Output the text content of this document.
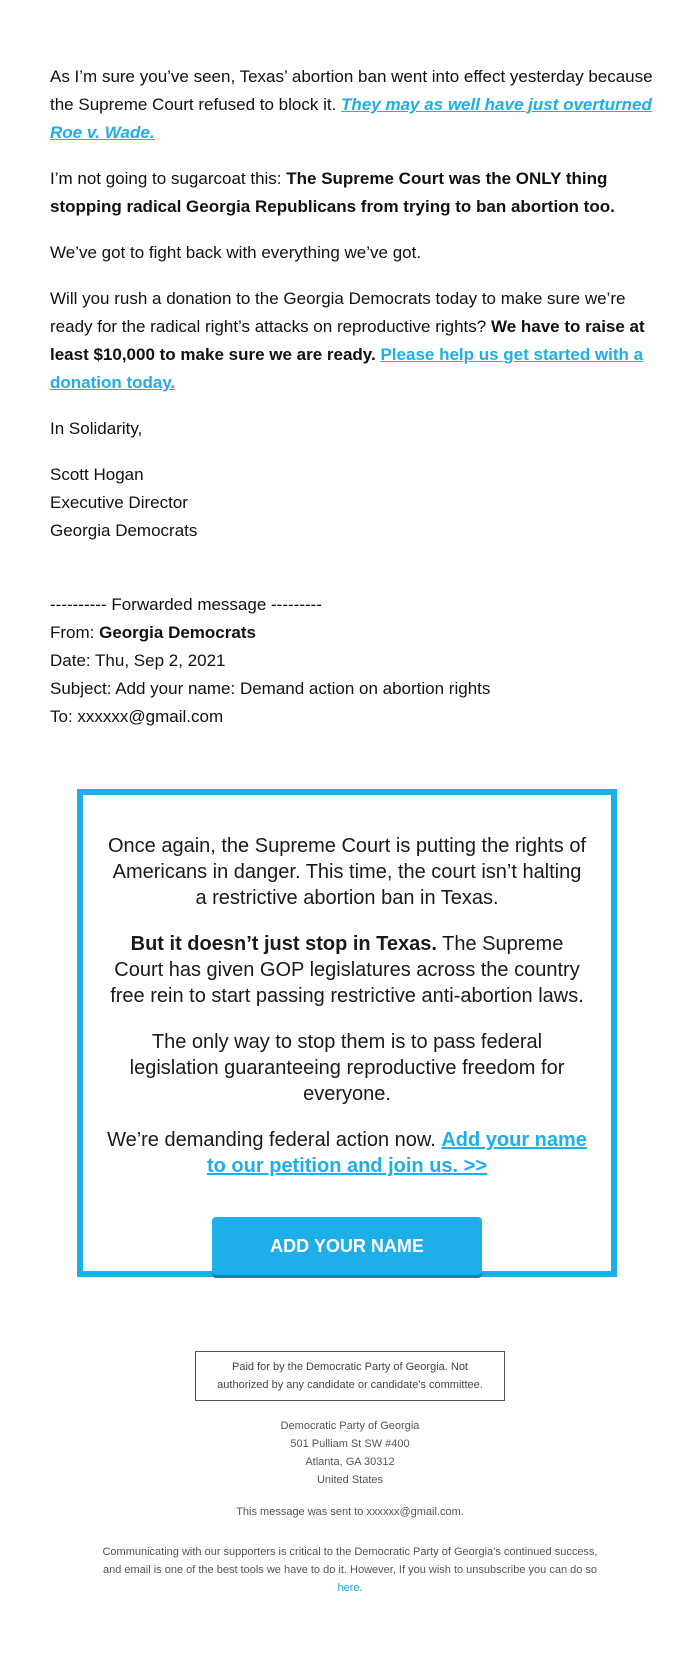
As I’m sure you’ve seen, Texas’ abortion ban went into effect yesterday because the Supreme Court refused to block it. They may as well have just overturned Roe v. Wade.

I’m not going to sugarcoat this: The Supreme Court was the ONLY thing stopping radical Georgia Republicans from trying to ban abortion too.

We’ve got to fight back with everything we’ve got.

Will you rush a donation to the Georgia Democrats today to make sure we’re ready for the radical right’s attacks on reproductive rights? We have to raise at least $10,000 to make sure we are ready. Please help us get started with a donation today.

In Solidarity,

Scott Hogan
Executive Director
Georgia Democrats
---------- Forwarded message ---------
From: Georgia Democrats
Date: Thu, Sep 2, 2021
Subject: Add your name: Demand action on abortion rights
To: xxxxxx@gmail.com

Once again, the Supreme Court is putting the rights of Americans in danger. This time, the court isn’t halting a restrictive abortion ban in Texas.

But it doesn’t just stop in Texas. The Supreme Court has given GOP legislatures across the country free rein to start passing restrictive anti-abortion laws.

The only way to stop them is to pass federal legislation guaranteeing reproductive freedom for everyone.

We’re demanding federal action now. Add your name to our petition and join us. >>

ADD YOUR NAME
Paid for by the Democratic Party of Georgia. Not authorized by any candidate or candidate's committee.
Democratic Party of Georgia
501 Pulliam St SW #400
Atlanta, GA 30312
United States
This message was sent to xxxxxx@gmail.com.
Communicating with our supporters is critical to the Democratic Party of Georgia’s continued success, and email is one of the best tools we have to do it. However, If you wish to unsubscribe you can do so here.
